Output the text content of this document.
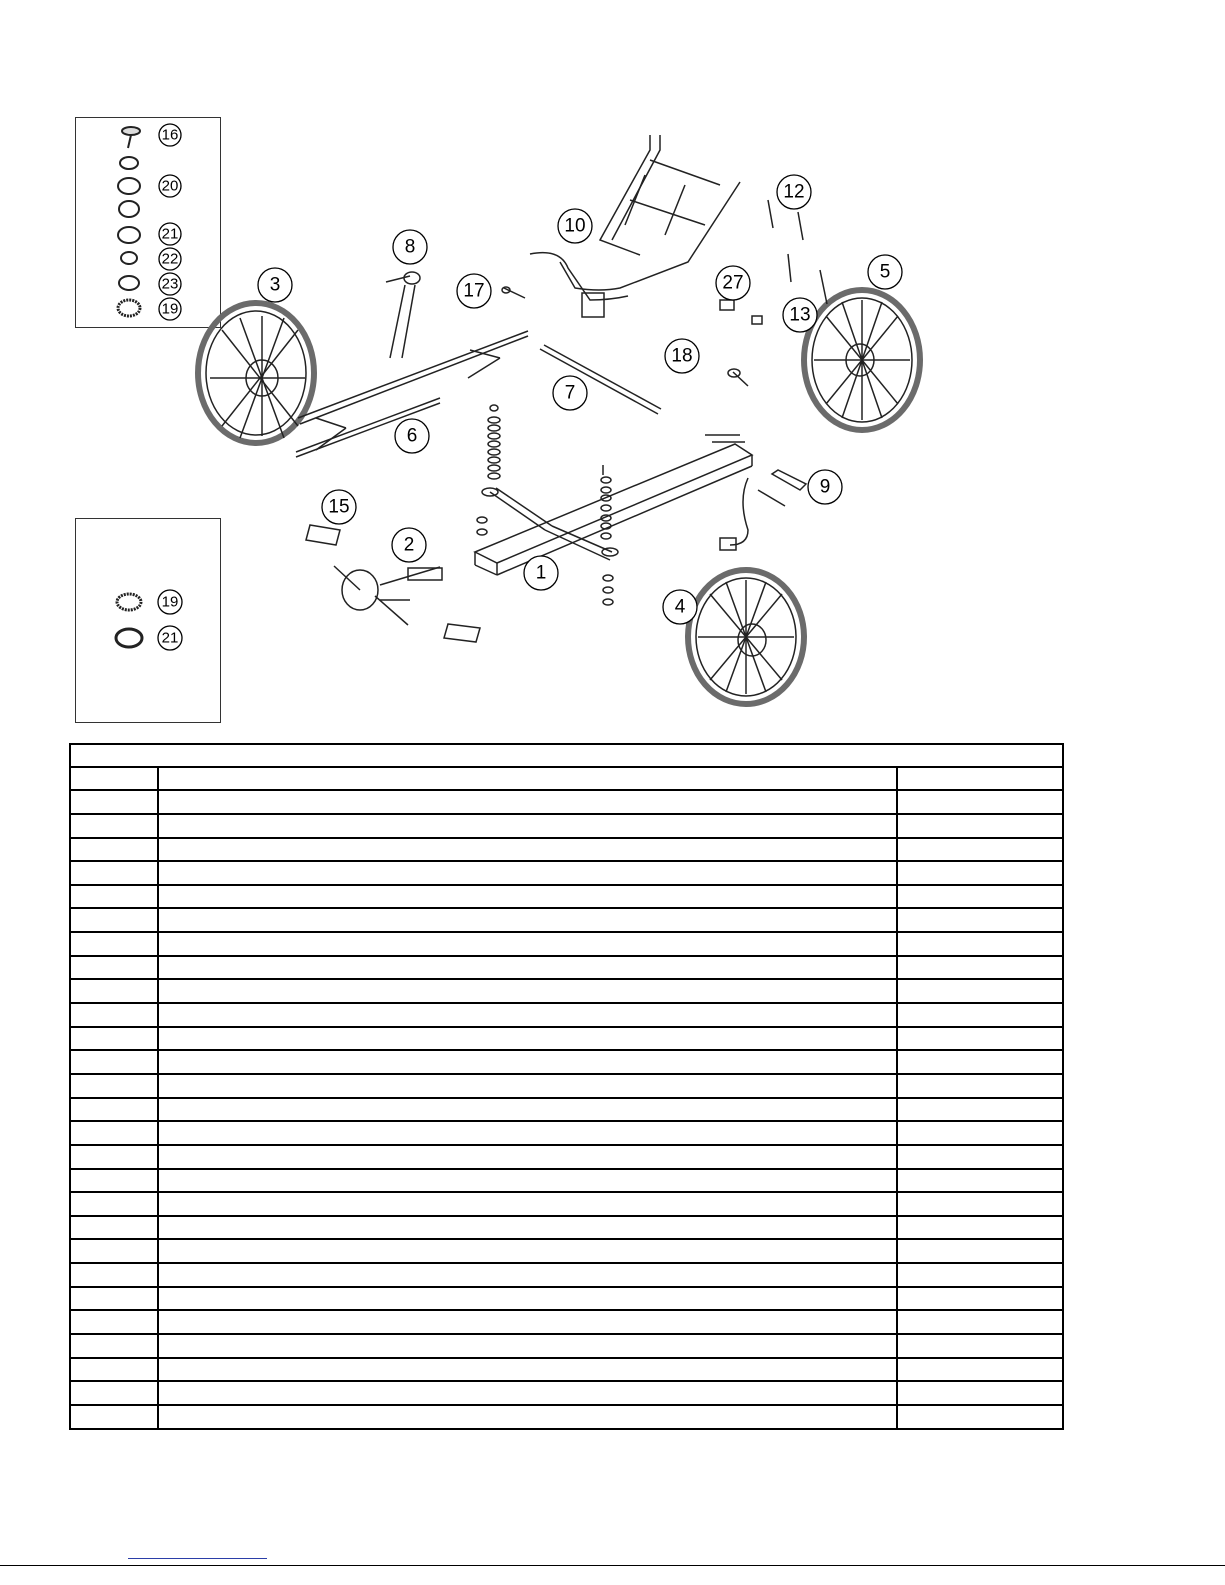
16
20
21
22
23
19
19
21
1
2
3
4
5
6
7
8
9
10
12
13
15
17
18
27
